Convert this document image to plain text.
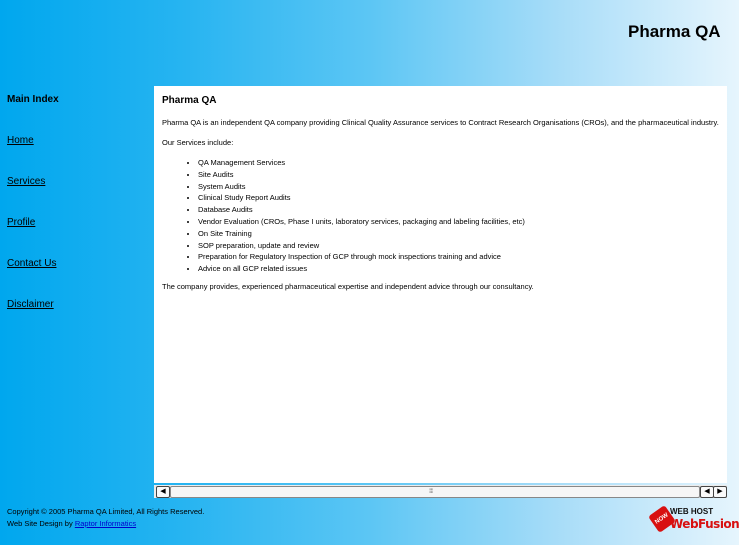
Pharma QA
Main Index
Home
Services
Profile
Contact Us
Disclaimer
Pharma QA

Pharma QA is an independent QA company providing Clinical Quality Assurance services to Contract Research Organisations (CROs), and the pharmaceutical industry.

Our Services include:

• QA Management Services
• Site Audits
• System Audits
• Clinical Study Report Audits
• Database Audits
• Vendor Evaluation (CROs, Phase I units, laboratory services, packaging and labeling facilities, etc)
• On Site Training
• SOP preparation, update and review
• Preparation for Regulatory Inspection of GCP through mock inspections training and advice
• Advice on all GCP related issues

The company provides, experienced pharmaceutical expertise and independent advice through our consultancy.

◀	⁞⁞⁞⁞⁞	◀	▶
Copyright © 2005 Pharma QA Limited, All Rights Reserved.
Web Site Design by Raptor Informatics	NOW
WEB HOST
WebFusion
